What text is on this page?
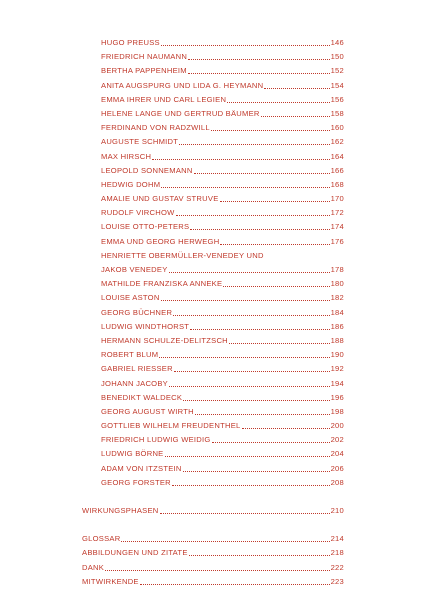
HUGO PREUSS	146
FRIEDRICH NAUMANN	150
BERTHA PAPPENHEIM	152
ANITA AUGSPURG UND LIDA G. HEYMANN	154
EMMA IHRER UND CARL LEGIEN	156
HELENE LANGE UND GERTRUD BÄUMER	158
FERDINAND VON RADZWILL	160
AUGUSTE SCHMIDT	162
MAX HIRSCH	164
LEOPOLD SONNEMANN	166
HEDWIG DOHM	168
AMALIE UND GUSTAV STRUVE	170
RUDOLF VIRCHOW	172
LOUISE OTTO-PETERS	174
EMMA UND GEORG HERWEGH	176
HENRIETTE OBERMÜLLER-VENEDEY UND
JAKOB VENEDEY	178
MATHILDE FRANZISKA ANNEKE	180
LOUISE ASTON	182
GEORG BÜCHNER	184
LUDWIG WINDTHORST	186
HERMANN SCHULZE-DELITZSCH	188
ROBERT BLUM	190
GABRIEL RIESSER	192
JOHANN JACOBY	194
BENEDIKT WALDECK	196
GEORG AUGUST WIRTH	198
GOTTLIEB WILHELM FREUDENTHEL	200
FRIEDRICH LUDWIG WEIDIG	202
LUDWIG BÖRNE	204
ADAM VON ITZSTEIN	206
GEORG FORSTER	208
WIRKUNGSPHASEN	210
GLOSSAR	214
ABBILDUNGEN UND ZITATE	218
DANK	222
MITWIRKENDE	223
